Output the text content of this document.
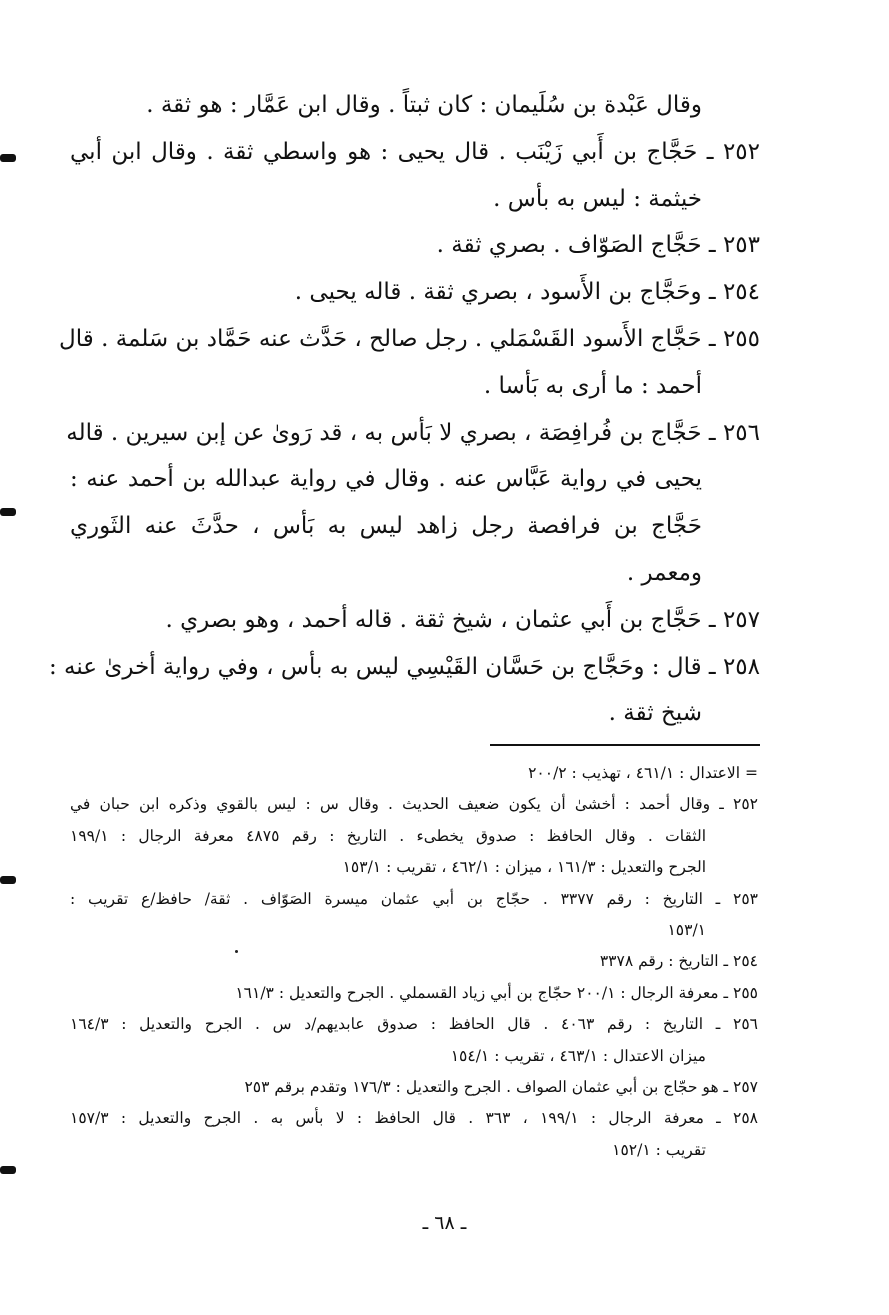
وقال عَبْدة بن سُلَيمان : كان ثبتاً . وقال ابن عَمَّار : هو ثقة .
٢٥٢ ـ حَجَّاج بن أَبي زَيْنَب . قال يحيى : هو واسطي ثقة . وقال ابن أبي
خيثمة : ليس به بأس .
٢٥٣ ـ حَجَّاج الصَوّاف . بصري ثقة .
٢٥٤ ـ وحَجَّاج بن الأَسود ، بصري ثقة . قاله يحيى .
٢٥٥ ـ حَجَّاج الأَسود القَسْمَلي . رجل صالح ، حَدَّث عنه حَمَّاد بن سَلمة . قال
أحمد : ما أرى به بَأسا .
٢٥٦ ـ حَجَّاج بن فُرافِصَة ، بصري لا بَأس به ، قد رَوىٰ عن إبن سيرين . قاله
يحيى في رواية عَبَّاس عنه . وقال في رواية عبدالله بن أحمد عنه :
حَجَّاج بن فرافصة رجل زاهد ليس به بَأس ، حدَّثَ عنه الثَوري
ومعمر .
٢٥٧ ـ حَجَّاج بن أَبي عثمان ، شيخ ثقة . قاله أحمد ، وهو بصري .
٢٥٨ ـ قال : وحَجَّاج بن حَسَّان القَيْسِي ليس به بأس ، وفي رواية أخرىٰ عنه :
شيخ ثقة .
= الاعتدال : ٤٦١/١ ، تهذيب : ٢٠٠/٢
٢٥٢ ـ وقال أحمد : أخشىٰ أن يكون ضعيف الحديث . وقال س : ليس بالقوي وذكره ابن حبان في
الثقات . وقال الحافظ : صدوق يخطىء . التاريخ : رقم ٤٨٧٥ معرفة الرجال : ١٩٩/١
الجرح والتعديل : ١٦١/٣ ، ميزان : ٤٦٢/١ ، تقريب : ١٥٣/١
٢٥٣ ـ التاريخ : رقم ٣٣٧٧ . حجّاج بن أبي عثمان ميسرة الصَوّاف . ثقة/ حافظ/ع تقريب :
١٥٣/١
٢٥٤ ـ التاريخ : رقم ٣٣٧٨
٢٥٥ ـ معرفة الرجال : ٢٠٠/١ حجّاج بن أبي زياد القسملي . الجرح والتعديل : ١٦١/٣
٢٥٦ ـ التاريخ : رقم ٤٠٦٣ . قال الحافظ : صدوق عابديهم/د س . الجرح والتعديل : ١٦٤/٣
ميزان الاعتدال : ٤٦٣/١ ، تقريب : ١٥٤/١
٢٥٧ ـ هو حجّاج بن أبي عثمان الصواف . الجرح والتعديل : ١٧٦/٣ وتقدم برقم ٢٥٣
٢٥٨ ـ معرفة الرجال : ١٩٩/١ ، ٣٦٣ . قال الحافظ : لا بأس به . الجرح والتعديل : ١٥٧/٣
تقريب : ١٥٢/١
ـ ٦٨ ـ
